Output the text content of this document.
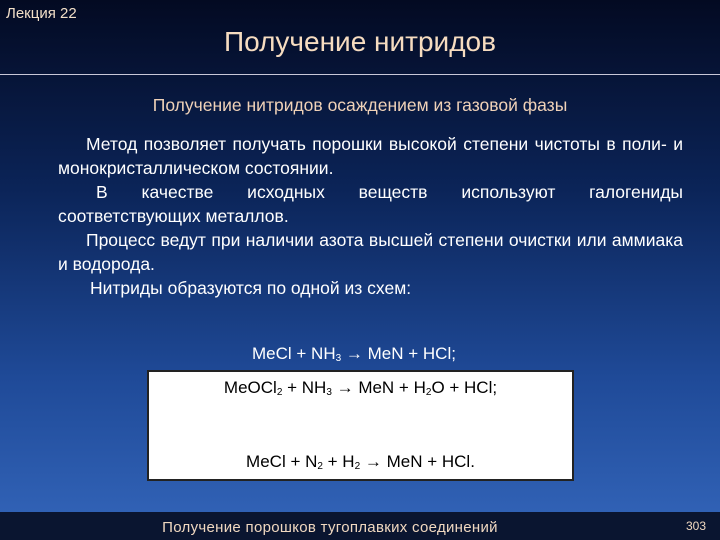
Лекция 22
Получение нитридов
Получение нитридов осаждением из газовой фазы

Метод позволяет получать порошки высокой степени чистоты в поли- и монокристаллическом состоянии.

В качестве исходных веществ используют галогениды соответствующих металлов.

Процесс ведут при наличии азота высшей степени очистки или аммиака и водорода.

Нитриды образуются по одной из схем:

MeCl + $NH_3$ → MeN + HCl;
MeOCl$_2$ + $NH_3$ → MeN + $H_2O$ + HCl;
MeCl + $N_2 + H_2$ → MeN + HCl.
Получение порошков тугоплавких соединений	303
